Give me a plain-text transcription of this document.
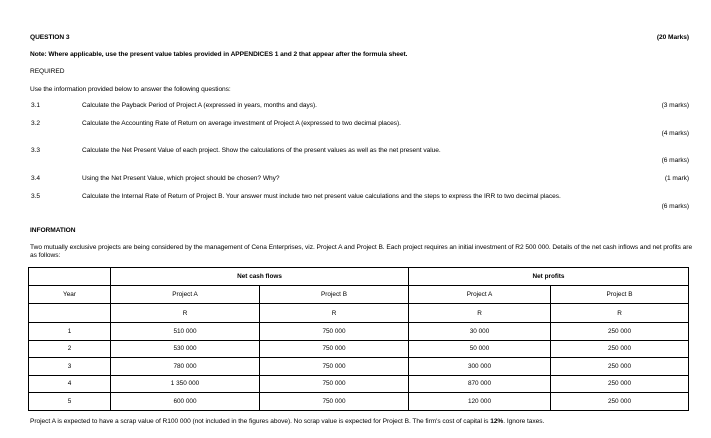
QUESTION 3	(20 Marks)
Note: Where applicable, use the present value tables provided in APPENDICES 1 and 2 that appear after the formula sheet.
REQUIRED
Use the information provided below to answer the following questions:
3.1	Calculate the Payback Period of Project A (expressed in years, months and days).	(3 marks)
3.2	Calculate the Accounting Rate of Return on average investment of Project A (expressed to two decimal places).
(4 marks)
3.3	Calculate the Net Present Value of each project. Show the calculations of the present values as well as the net present value.
(6 marks)
3.4	Using the Net Present Value, which project should be chosen? Why?	(1 mark)
3.5	Calculate the Internal Rate of Return of Project B. Your answer must include two net present value calculations and the steps to express the IRR to two decimal places.
(6 marks)
INFORMATION
Two mutually exclusive projects are being considered by the management of Cena Enterprises, viz. Project A and Project B. Each project requires an initial investment of R2 500 000. Details of the net cash inflows and net profits are as follows:
	Net cash flows		Net profits	
Year	Project A	Project B	Project A	Project B
	R	R	R	R
1	510 000	750 000	30 000	250 000
2	530 000	750 000	50 000	250 000
3	780 000	750 000	300 000	250 000
4	1 350 000	750 000	870 000	250 000
5	600 000	750 000	120 000	250 000
Project A is expected to have a scrap value of R100 000 (not included in the figures above). No scrap value is expected for Project B. The firm's cost of capital is 12%. Ignore taxes.
